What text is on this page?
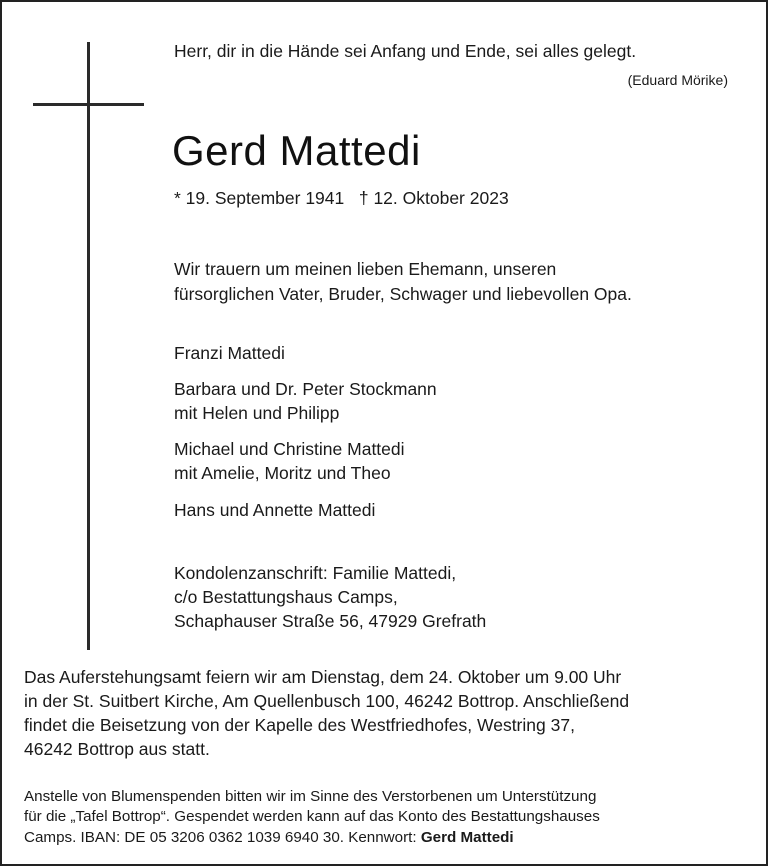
Herr, dir in die Hände sei Anfang und Ende, sei alles gelegt.
(Eduard Mörike)
Gerd Mattedi
* 19. September 1941   † 12. Oktober 2023
Wir trauern um meinen lieben Ehemann, unseren
fürsorglichen Vater, Bruder, Schwager und liebevollen Opa.
Franzi Mattedi
Barbara und Dr. Peter Stockmann
mit Helen und Philipp
Michael und Christine Mattedi
mit Amelie, Moritz und Theo
Hans und Annette Mattedi
Kondolenzanschrift: Familie Mattedi,
c/o Bestattungshaus Camps,
Schaphauser Straße 56, 47929 Grefrath
Das Auferstehungsamt feiern wir am Dienstag, dem 24. Oktober um 9.00 Uhr
in der St. Suitbert Kirche, Am Quellenbusch 100, 46242 Bottrop. Anschließend
findet die Beisetzung von der Kapelle des Westfriedhofes, Westring 37,
46242 Bottrop aus statt.
Anstelle von Blumenspenden bitten wir im Sinne des Verstorbenen um Unterstützung
für die „Tafel Bottrop“. Gespendet werden kann auf das Konto des Bestattungshauses
Camps. IBAN: DE 05 3206 0362 1039 6940 30. Kennwort: Gerd Mattedi
